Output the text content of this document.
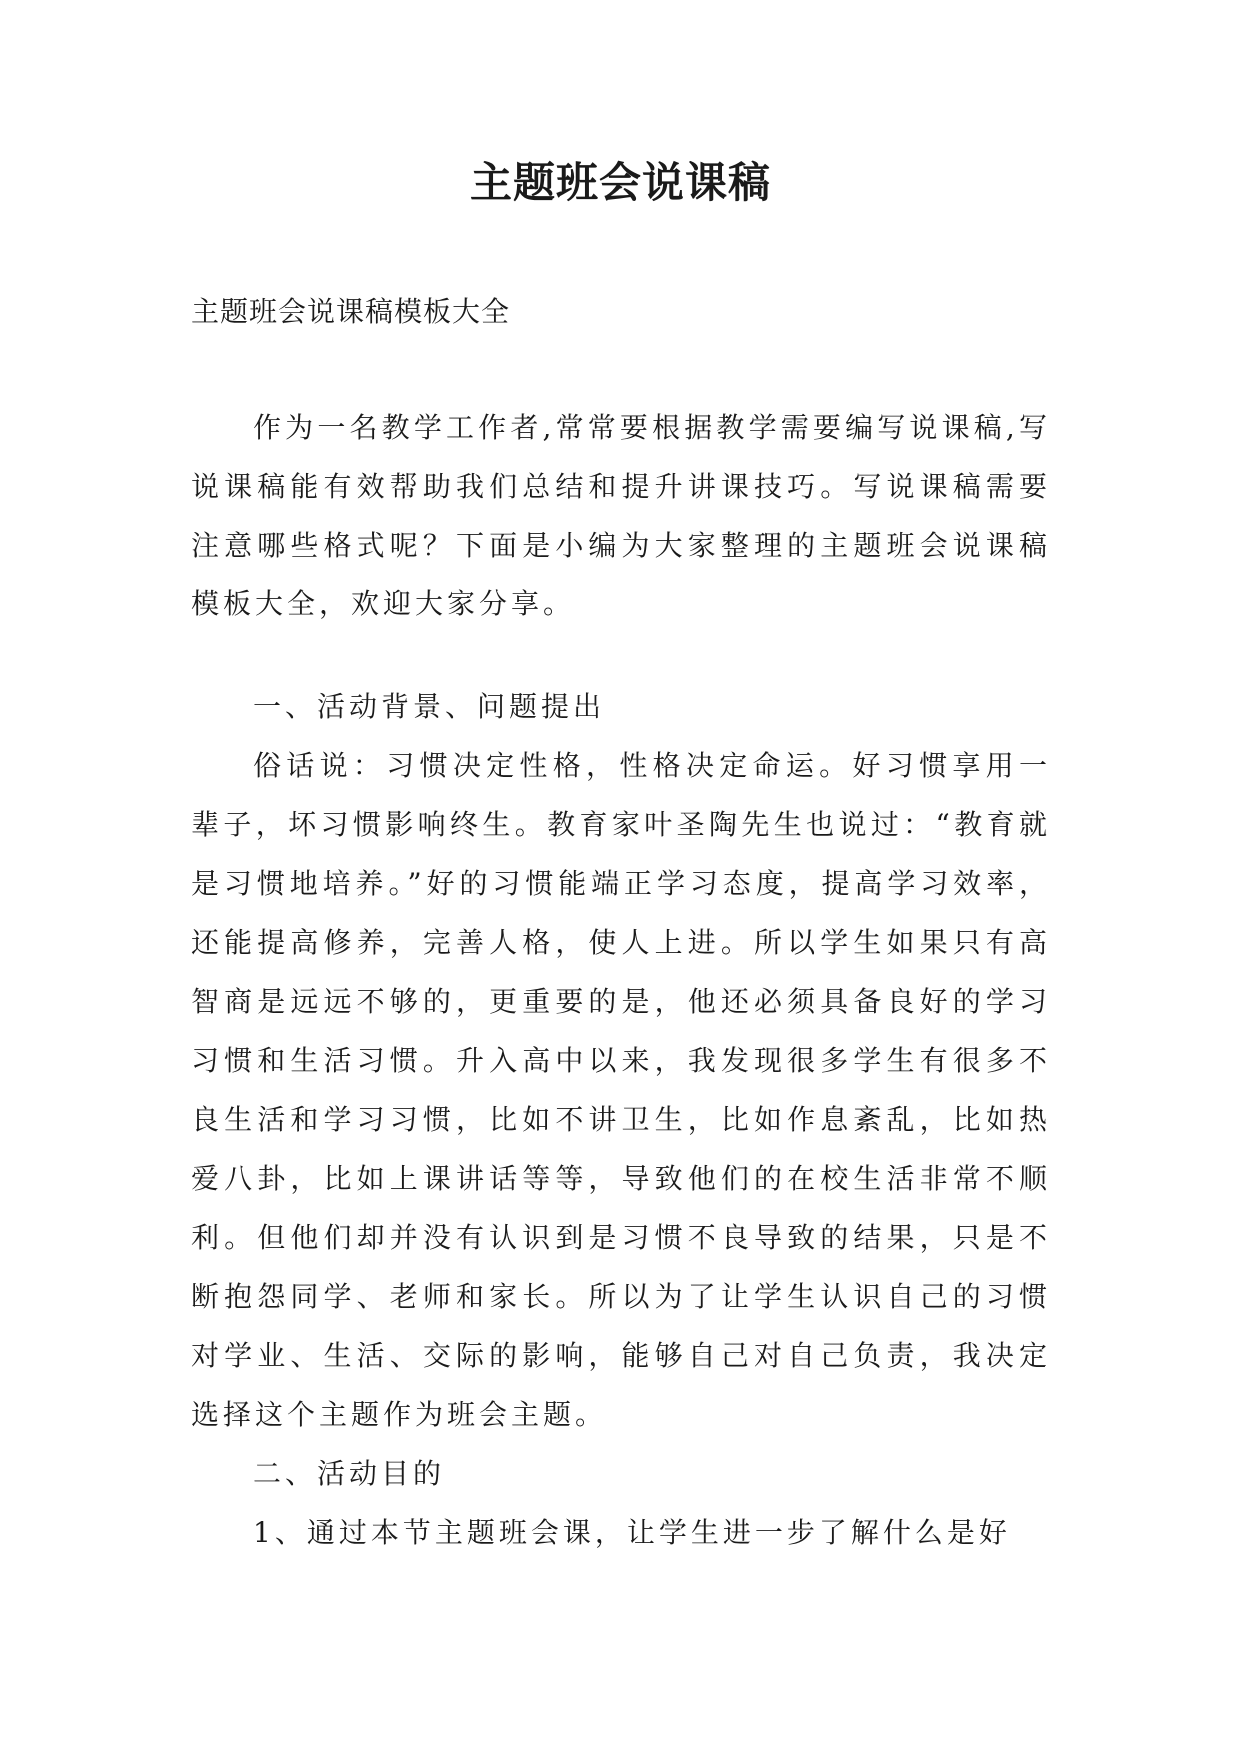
主题班会说课稿

主题班会说课稿模板大全

作为一名教学工作者,常常要根据教学需要编写说课稿,写说课稿能有效帮助我们总结和提升讲课技巧。写说课稿需要注意哪些格式呢？下面是小编为大家整理的主题班会说课稿模板大全，欢迎大家分享。

一、活动背景、问题提出

俗话说：习惯决定性格，性格决定命运。好习惯享用一辈子，坏习惯影响终生。教育家叶圣陶先生也说过：“教育就是习惯地培养。”好的习惯能端正学习态度，提高学习效率，还能提高修养，完善人格，使人上进。所以学生如果只有高智商是远远不够的，更重要的是，他还必须具备良好的学习习惯和生活习惯。升入高中以来，我发现很多学生有很多不良生活和学习习惯，比如不讲卫生，比如作息紊乱，比如热爱八卦，比如上课讲话等等，导致他们的在校生活非常不顺利。但他们却并没有认识到是习惯不良导致的结果，只是不断抱怨同学、老师和家长。所以为了让学生认识自己的习惯对学业、生活、交际的影响，能够自己对自己负责，我决定选择这个主题作为班会主题。

二、活动目的

1、通过本节主题班会课，让学生进一步了解什么是好
